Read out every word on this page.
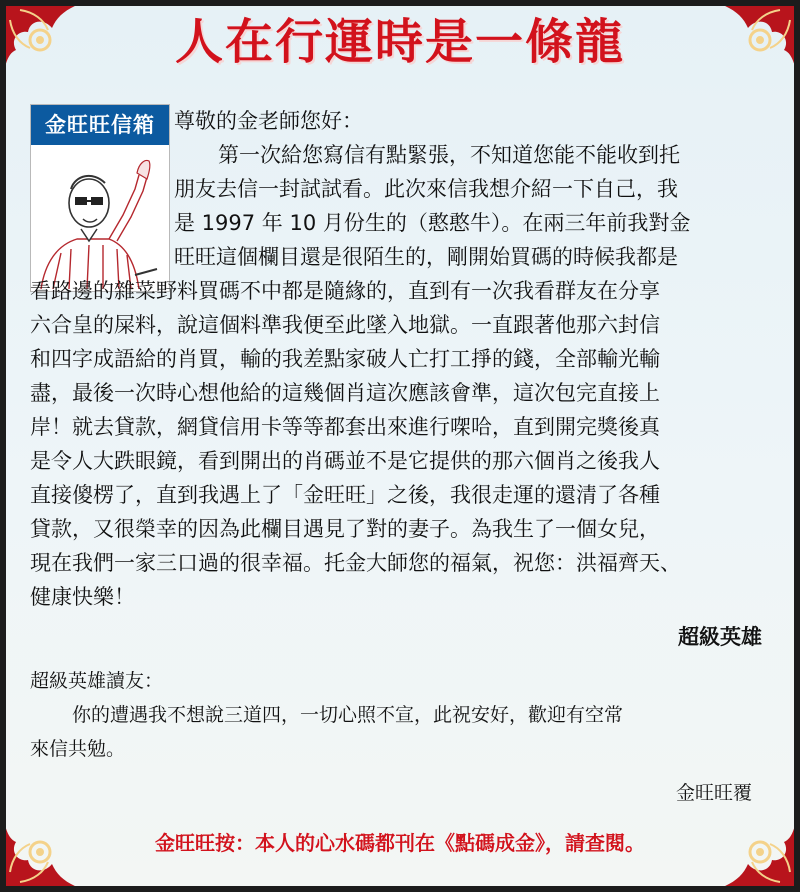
人在行運時是一條龍
金旺旺信箱 尊敬的金老師您好：
第一次給您寫信有點緊張，不知道您能不能收到托
朋友去信一封試試看。此次來信我想介紹一下自己，我
是 1997 年 10 月份生的（憨憨牛）。在兩三年前我對金
旺旺這個欄目還是很陌生的，剛開始買碼的時候我都是
看路邊的雜菜野料買碼不中都是隨緣的，直到有一次我看群友在分享
六合皇的屎料，說這個料準我便至此墜入地獄。一直跟著他那六封信
和四字成語給的肖買，輸的我差點家破人亡打工掙的錢，全部輸光輸
盡，最後一次時心想他給的這幾個肖這次應該會準，這次包完直接上
岸！就去貸款，網貸信用卡等等都套出來進行㗎哈，直到開完獎後真
是令人大跌眼鏡，看到開出的肖碼並不是它提供的那六個肖之後我人
直接傻楞了，直到我遇上了「金旺旺」之後，我很走運的還清了各種
貸款，又很榮幸的因為此欄目遇見了對的妻子。為我生了一個女兒，
現在我們一家三口過的很幸福。托金大師您的福氣，祝您：洪福齊天、
健康快樂！
超級英雄
超級英雄讀友：
你的遭遇我不想說三道四，一切心照不宣，此祝安好，歡迎有空常
來信共勉。
金旺旺覆
金旺旺按：本人的心水碼都刊在《點碼成金》，請查閱。
